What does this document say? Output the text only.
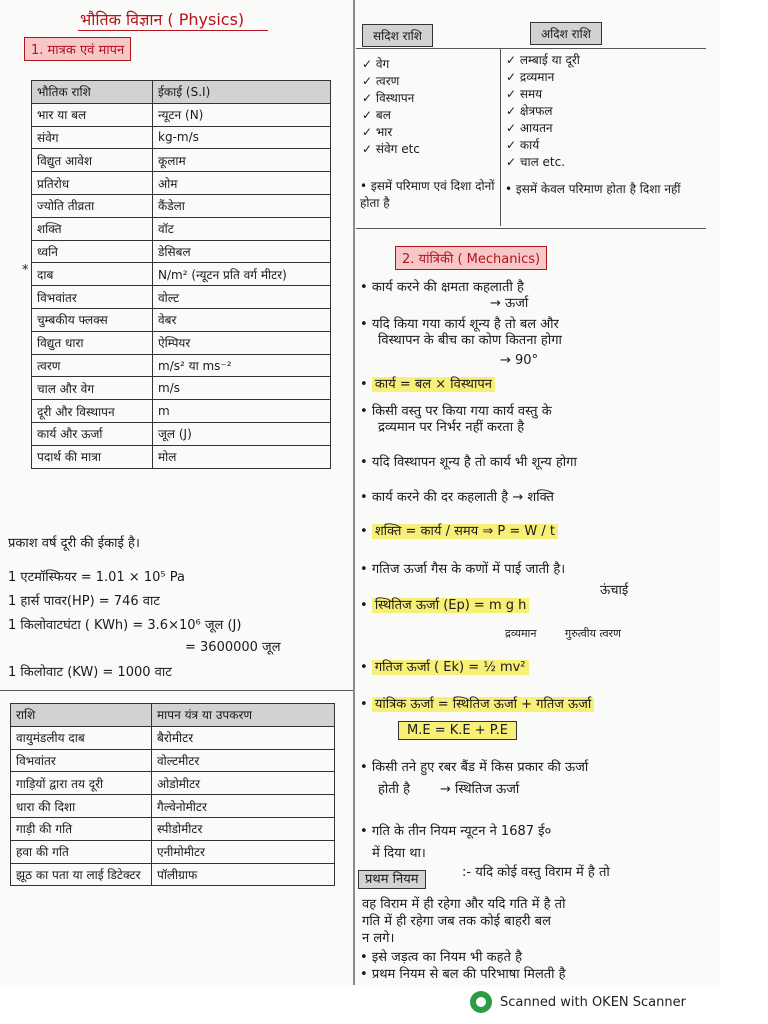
भौतिक विज्ञान ( Physics)
1. मात्रक एवं मापन
भौतिक राशि	ईकाई (S.I)
भार या बल	न्यूटन (N)
संवेग	kg-m/s
विद्युत आवेश	कूलाम
प्रतिरोध	ओम
ज्योति तीव्रता	कैंडेला
शक्ति	वॉट
ध्वनि	डेसिबल
दाब	N/m² (न्यूटन प्रति वर्ग मीटर)
विभवांतर	वोल्ट
चुम्बकीय फ्लक्स	वेबर
विद्युत धारा	ऐम्पियर
त्वरण	m/s² या ms⁻²
चाल और वेग	m/s
दूरी और विस्थापन	m
कार्य और ऊर्जा	जूल (J)
पदार्थ की मात्रा	मोल
*
प्रकाश वर्ष दूरी की ईकाई है।
1 एटमॉस्फियर = 1.01 × 10⁵ Pa
1 हार्स पावर(HP) = 746 वाट
1 किलोवाटघंटा ( KWh) = 3.6×10⁶ जूल (J)
= 3600000 जूल
1 किलोवाट (KW) = 1000 वाट
राशि	मापन यंत्र या उपकरण
वायुमंडलीय दाब	बैरोमीटर
विभवांतर	वोल्टमीटर
गाड़ियों द्वारा तय दूरी	ओडोमीटर
धारा की दिशा	गैल्वेनोमीटर
गाड़ी की गति	स्पीडोमीटर
हवा की गति	एनीमोमीटर
झूठ का पता या लाई डिटेक्टर	पॉलीग्राफ
सदिश राशि	अदिश राशि
✓ वेग
✓ त्वरण
✓ विस्थापन
✓ बल
✓ भार
✓ संवेग etc
• इसमें परिमाण एवं दिशा दोनों होता है
✓ लम्बाई या दूरी
✓ द्रव्यमान
✓ समय
✓ क्षेत्रफल
✓ आयतन
✓ कार्य
✓ चाल etc.
• इसमें केवल परिमाण होता है दिशा नहीं
2. यांत्रिकी ( Mechanics)
• कार्य करने की क्षमता कहलाती है
→ ऊर्जा
• यदि किया गया कार्य शून्य है तो बल और
विस्थापन के बीच का कोण कितना होगा
→ 90°
• कार्य = बल × विस्थापन
• किसी वस्तु पर किया गया कार्य वस्तु के
द्रव्यमान पर निर्भर नहीं करता है
• यदि विस्थापन शून्य है तो कार्य भी शून्य होगा
• कार्य करने की दर कहलाती है → शक्ति
• शक्ति = कार्य / समय ⇒ P = W / t
• गतिज ऊर्जा गैस के कणों में पाई जाती है।
ऊंचाई
• स्थितिज ऊर्जा (Ep) = m g h
द्रव्यमान	गुरुत्वीय त्वरण
• गतिज ऊर्जा ( Ek) = ½ mv²
• यांत्रिक ऊर्जा = स्थितिज ऊर्जा + गतिज ऊर्जा
M.E = K.E + P.E
• किसी तने हुए रबर बैंड में किस प्रकार की ऊर्जा
होती है → स्थितिज ऊर्जा
• गति के तीन नियम न्यूटन ने 1687 ई०
में दिया था।
प्रथम नियम	:- यदि कोई वस्तु विराम में है तो
वह विराम में ही रहेगा और यदि गति में है तो
गति में ही रहेगा जब तक कोई बाहरी बल
न लगे।
• इसे जड़त्व का नियम भी कहते है
• प्रथम नियम से बल की परिभाषा मिलती है
Scanned with OKEN Scanner
